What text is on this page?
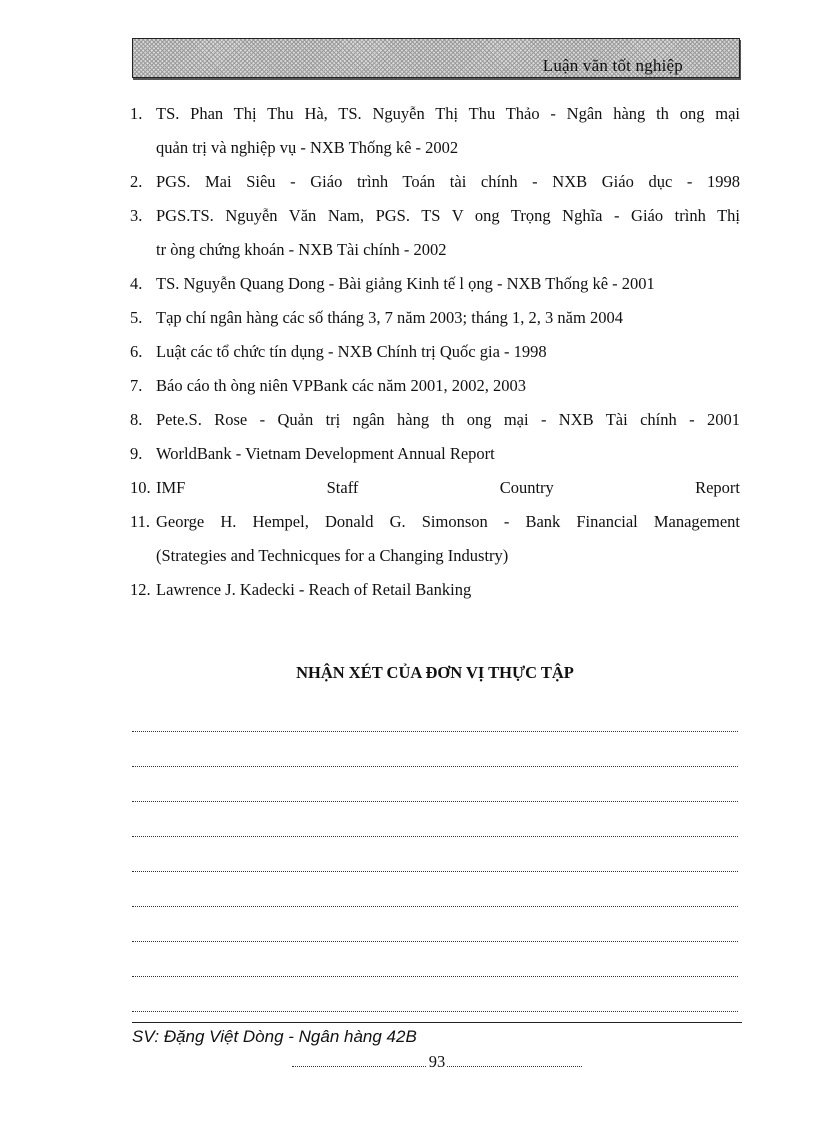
Luận văn tốt nghiệp
1. TS. Phan Thị Thu Hà, TS. Nguyễn Thị Thu Thảo - Ngân hàng th ong mại
quản trị và nghiệp vụ - NXB Thống kê - 2002
2. PGS. Mai Siêu - Giáo trình Toán tài chính - NXB Giáo dục - 1998
3. PGS.TS. Nguyễn Văn Nam, PGS. TS V ong Trọng Nghĩa - Giáo trình Thị
tr òng chứng khoán - NXB Tài chính - 2002
4. TS. Nguyễn Quang Dong - Bài giảng Kinh tế l ọng - NXB Thống kê - 2001
5. Tạp chí ngân hàng các số tháng 3, 7 năm 2003; tháng 1, 2, 3 năm 2004
6. Luật các tổ chức tín dụng - NXB Chính trị Quốc gia - 1998
7. Báo cáo th òng niên VPBank các năm 2001, 2002, 2003
8. Pete.S. Rose - Quản trị ngân hàng th ong mại - NXB Tài chính - 2001
9. WorldBank - Vietnam Development Annual Report
10. IMF Staff Country Report
11. George H. Hempel, Donald G. Simonson - Bank Financial Management
(Strategies and Technicques for a Changing Industry)
12. Lawrence J. Kadecki - Reach of Retail Banking
NHẬN XÉT CỦA ĐƠN VỊ THỰC TẬP
SV: Đặng Việt Dòng - Ngân hàng 42B
93
